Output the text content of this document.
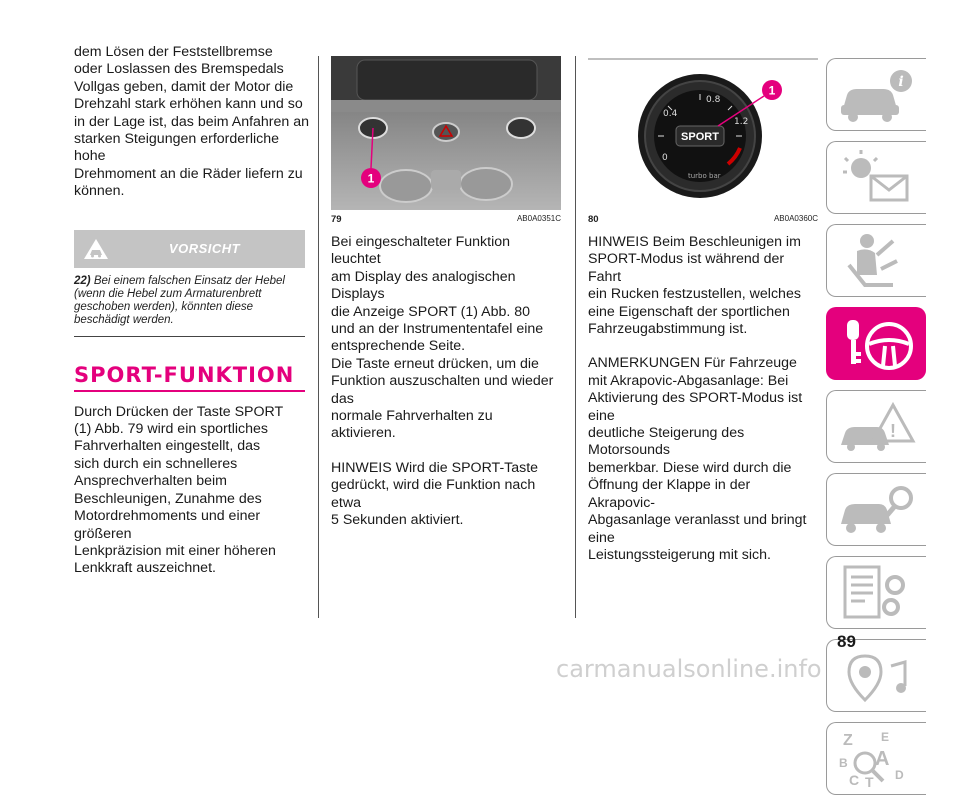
dem Lösen der Feststellbremse
oder Loslassen des Bremspedals
Vollgas geben, damit der Motor die
Drehzahl stark erhöhen kann und so
in der Lage ist, das beim Anfahren an
starken Steigungen erforderliche hohe
Drehmoment an die Räder liefern zu
können.

VORSICHT
22) Bei einem falschen Einsatz der Hebel (wenn die Hebel zum Armaturenbrett geschoben werden), könnten diese beschädigt werden.
SPORT-FUNKTION

Durch Drücken der Taste SPORT
(1) Abb. 79 wird ein sportliches
Fahrverhalten eingestellt, das
sich durch ein schnelleres
Ansprechverhalten beim
Beschleunigen, Zunahme des
Motordrehmoments und einer größeren
Lenkpräzision mit einer höheren
Lenkkraft auszeichnet.

1
79	AB0A0351C

Bei eingeschalteter Funktion leuchtet
am Display des analogischen Displays
die Anzeige SPORT (1) Abb. 80
und an der Instrumententafel eine
entsprechende Seite.
Die Taste erneut drücken, um die
Funktion auszuschalten und wieder das
normale Fahrverhalten zu aktivieren.

HINWEIS Wird die SPORT-Taste
gedrückt, wird die Funktion nach etwa
5 Sekunden aktiviert.

0.8
0.4
0
1.2
turbo bar
SPORT
1
80	AB0A0360C

HINWEIS Beim Beschleunigen im
SPORT-Modus ist während der Fahrt
ein Rucken festzustellen, welches
eine Eigenschaft der sportlichen
Fahrzeugabstimmung ist.

ANMERKUNGEN Für Fahrzeuge
mit Akrapovic-Abgasanlage: Bei
Aktivierung des SPORT-Modus ist eine
deutliche Steigerung des Motorsounds
bemerkbar. Diese wird durch die
Öffnung der Klappe in der Akrapovic-
Abgasanlage veranlasst und bringt eine
Leistungssteigerung mit sich.

i
!
Z E
B A
C T D
89
carmanualsonline.info
